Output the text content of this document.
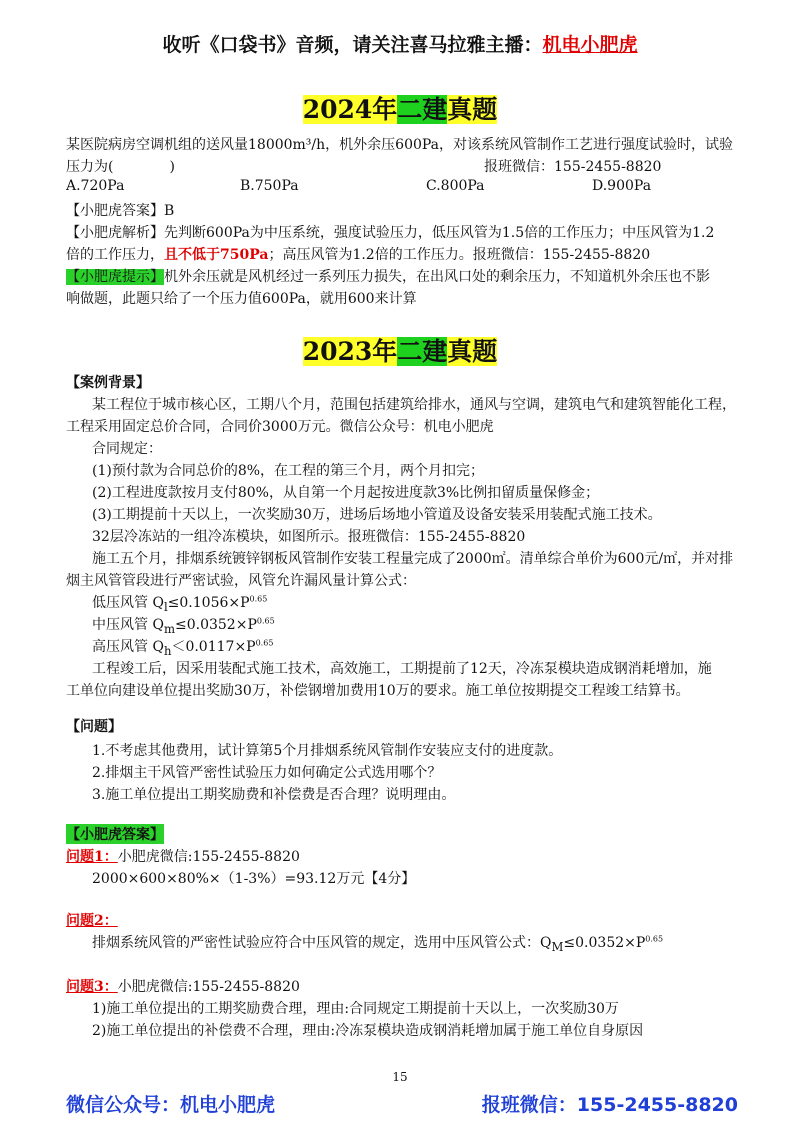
收听《口袋书》音频，请关注喜马拉雅主播：机电小肥虎
2024年二建真题
某医院病房空调机组的送风量18000m³/h，机外余压600Pa，对该系统风管制作工艺进行强度试验时，试验
压力为(　　　　)	报班微信：155-2455-8820
A.720Pa	B.750Pa	C.800Pa	D.900Pa
【小肥虎答案】B
【小肥虎解析】先判断600Pa为中压系统，强度试验压力，低压风管为1.5倍的工作压力；中压风管为1.2
倍的工作压力，且不低于750Pa；高压风管为1.2倍的工作压力。报班微信：155-2455-8820
【小肥虎提示】机外余压就是风机经过一系列压力损失，在出风口处的剩余压力，不知道机外余压也不影
响做题，此题只给了一个压力值600Pa，就用600来计算
2023年二建真题
【案例背景】
某工程位于城市核心区，工期八个月，范围包括建筑给排水，通风与空调，建筑电气和建筑智能化工程，
工程采用固定总价合同，合同价3000万元。微信公众号：机电小肥虎
合同规定：
(1)预付款为合同总价的8%，在工程的第三个月，两个月扣完；
(2)工程进度款按月支付80%，从自第一个月起按进度款3%比例扣留质量保修金；
(3)工期提前十天以上，一次奖励30万，进场后场地小管道及设备安装采用装配式施工技术。
32层冷冻站的一组冷冻模块，如图所示。报班微信：155-2455-8820
施工五个月，排烟系统镀锌钢板风管制作安装工程量完成了2000㎡。清单综合单价为600元/㎡，并对排
烟主风管管段进行严密试验，风管允许漏风量计算公式：
低压风管 $Q_l\le 0.1056\times P^{0.65}$
中压风管 $Q_m\le 0.0352\times P^{0.65}$
高压风管 $Q_h<0.0117\times P^{0.65}$
工程竣工后，因采用装配式施工技术，高效施工，工期提前了12天，冷冻泵模块造成钢消耗增加，施
工单位向建设单位提出奖励30万，补偿钢增加费用10万的要求。施工单位按期提交工程竣工结算书。
【问题】
1.不考虑其他费用，试计算第5个月排烟系统风管制作安装应支付的进度款。
2.排烟主干风管严密性试验压力如何确定公式选用哪个？
3.施工单位提出工期奖励费和补偿费是否合理？说明理由。
【小肥虎答案】
问题1：小肥虎微信:155-2455-8820
2000×600×80%×（1-3%）=93.12万元【4分】
问题2：
排烟系统风管的严密性试验应符合中压风管的规定，选用中压风管公式：$Q_M\le 0.0352\times P^{0.65}$
问题3：小肥虎微信:155-2455-8820
1)施工单位提出的工期奖励费合理，理由:合同规定工期提前十天以上，一次奖励30万
2)施工单位提出的补偿费不合理，理由:冷冻泵模块造成钢消耗增加属于施工单位自身原因
15
微信公众号：机电小肥虎	报班微信：155-2455-8820
